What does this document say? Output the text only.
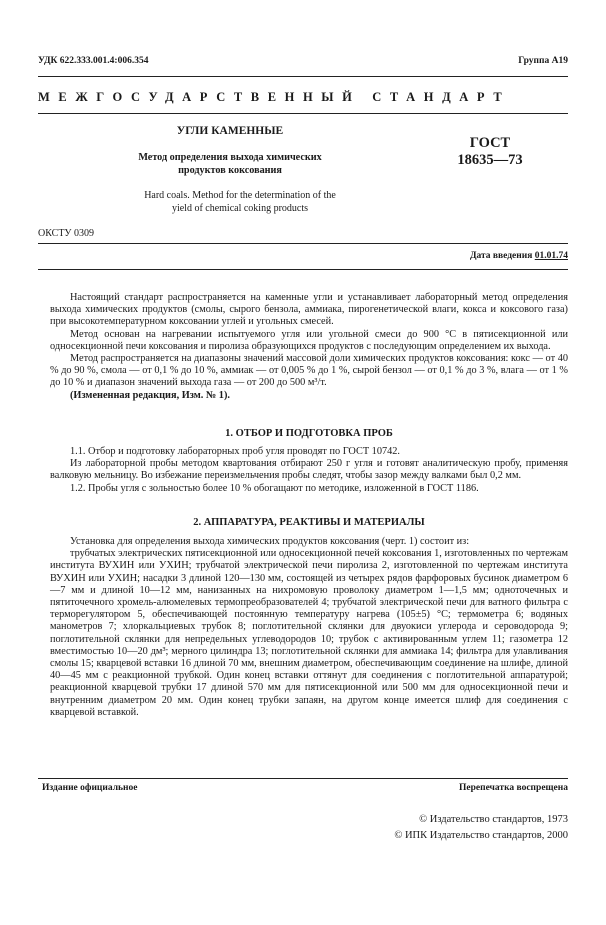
УДК 622.333.001.4:006.354	Группа А19
МЕЖГОСУДАРСТВЕННЫЙ СТАНДАРТ
УГЛИ КАМЕННЫЕ
Метод определения выхода химических продуктов коксования
Hard coals. Method for the determination of the yield of chemical coking products
ГОСТ
18635—73
ОКСТУ 0309
Дата введения 01.01.74

Настоящий стандарт распространяется на каменные угли и устанавливает лабораторный метод определения выхода химических продуктов (смолы, сырого бензола, аммиака, пирогенетической влаги, кокса и коксового газа) при высокотемпературном коксовании углей и угольных смесей.

Метод основан на нагревании испытуемого угля или угольной смеси до 900 °С в пятисекционной или односекционной печи коксования и пиролиза образующихся продуктов с последующим определением их выхода.

Метод распространяется на диапазоны значений массовой доли химических продуктов коксования: кокс — от 40 % до 90 %, смола — от 0,1 % до 10 %, аммиак — от 0,005 % до 1 %, сырой бензол — от 0,1 % до 3 %, влага — от 1 % до 10 % и диапазон значений выхода газа — от 200 до 500 м³/т.

(Измененная редакция, Изм. № 1).

1. ОТБОР И ПОДГОТОВКА ПРОБ

1.1. Отбор и подготовку лабораторных проб угля проводят по ГОСТ 10742.

Из лабораторной пробы методом квартования отбирают 250 г угля и готовят аналитическую пробу, применяя валковую мельницу. Во избежание переизмельчения пробы следят, чтобы зазор между валками был 0,2 мм.

1.2. Пробы угля с зольностью более 10 % обогащают по методике, изложенной в ГОСТ 1186.

2. АППАРАТУРА, РЕАКТИВЫ И МАТЕРИАЛЫ

Установка для определения выхода химических продуктов коксования (черт. 1) состоит из:

трубчатых электрических пятисекционной или односекционной печей коксования 1, изготовленных по чертежам института ВУХИН или УХИН; трубчатой электрической печи пиролиза 2, изготовленной по чертежам института ВУХИН или УХИН; насадки 3 длиной 120—130 мм, состоящей из четырех рядов фарфоровых бусинок диаметром 6—7 мм и длиной 10—12 мм, нанизанных на нихромовую проволоку диаметром 1—1,5 мм; одноточечных и пятиточечного хромель-алюмелевых термопреобразователей 4; трубчатой электрической печи для ватного фильтра с терморегулятором 5, обеспечивающей постоянную температуру нагрева (105±5) °С; термометра 6; водяных манометров 7; хлоркальциевых трубок 8; поглотительной склянки для двуокиси углерода и сероводорода 9; поглотительной склянки для непредельных углеводородов 10; трубок с активированным углем 11; газометра 12 вместимостью 10—20 дм³; мерного цилиндра 13; поглотительной склянки для аммиака 14; фильтра для улавливания смолы 15; кварцевой вставки 16 длиной 70 мм, внешним диаметром, обеспечивающим соединение на шлифе, длиной 40—45 мм с реакционной трубкой. Один конец вставки оттянут для соединения с поглотительной аппаратурой; реакционной кварцевой трубки 17 длиной 570 мм для пятисекционной или 500 мм для односекционной печи и внутренним диаметром 20 мм. Один конец трубки запаян, на другом конце имеется шлиф для соединения с кварцевой вставкой.

Издание официальное	Перепечатка воспрещена
© Издательство стандартов, 1973
© ИПК Издательство стандартов, 2000
